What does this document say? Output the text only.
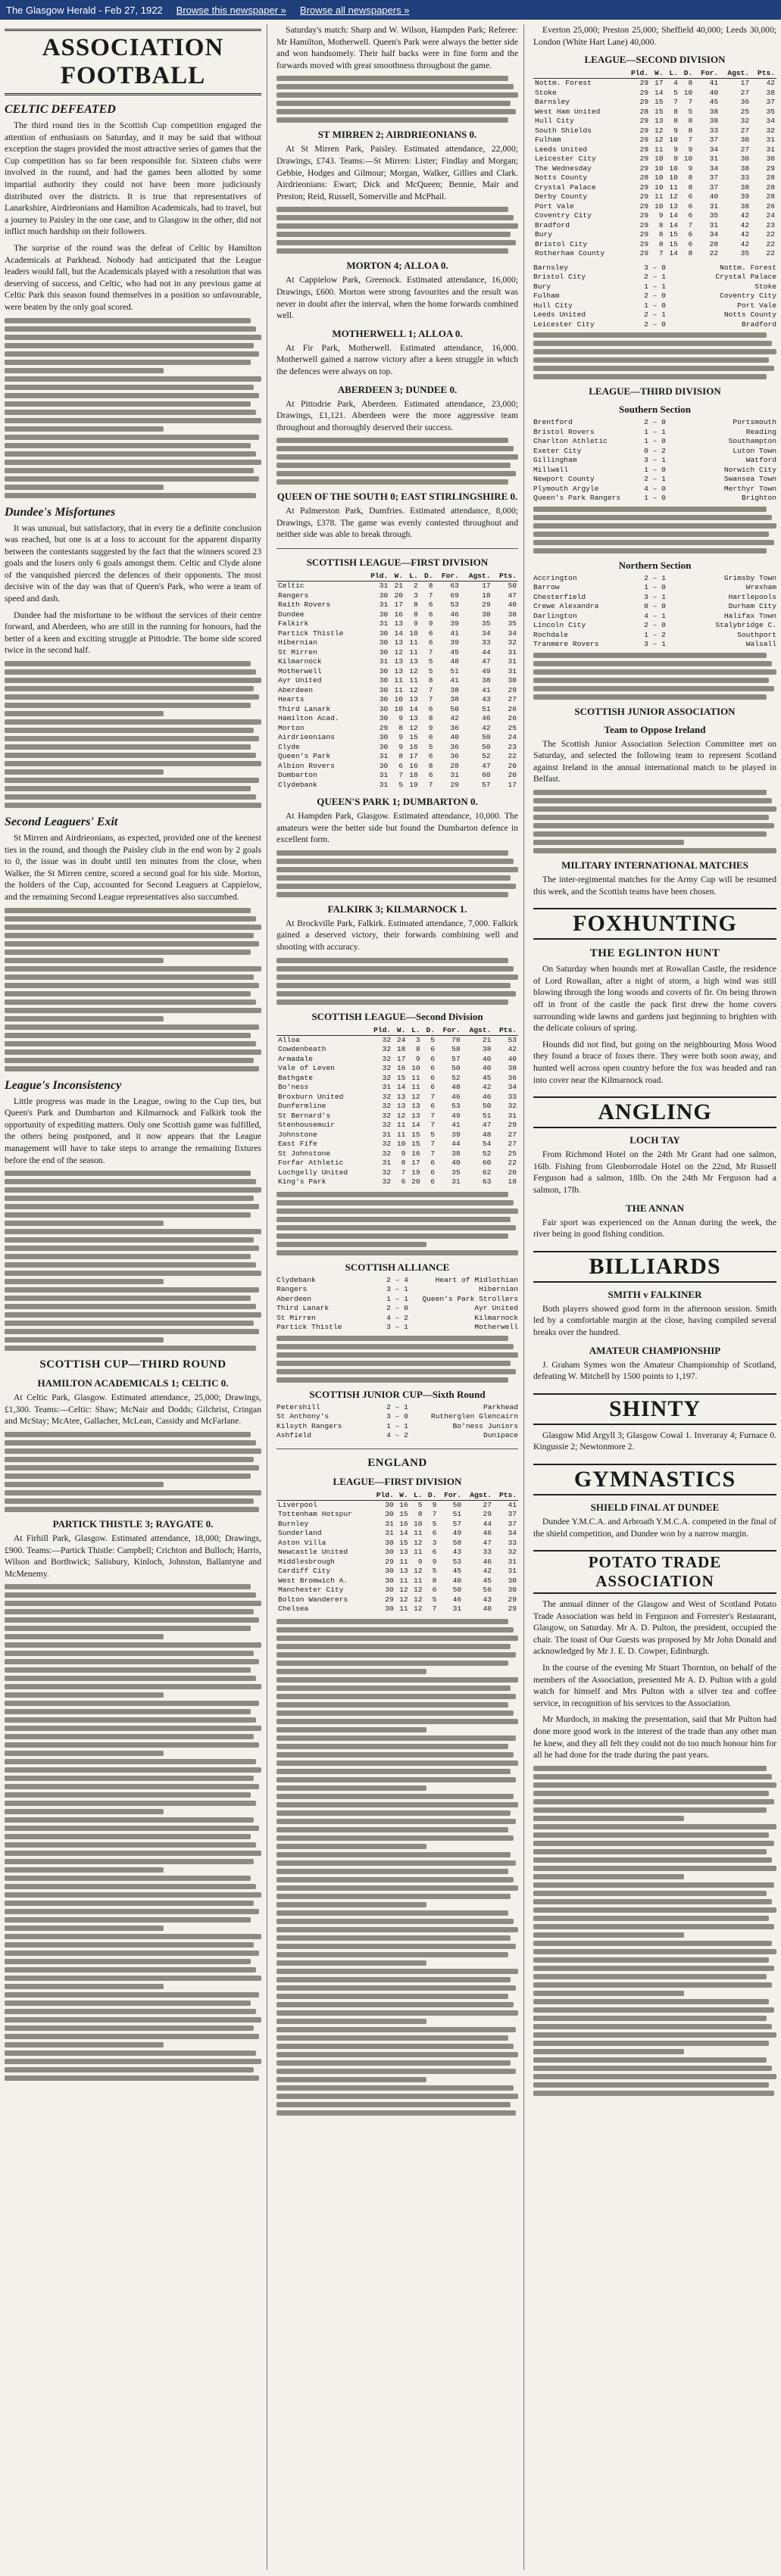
The Glasgow Herald - Feb 27, 1922 Browse this newspaper » Browse all newspapers »
ASSOCIATION FOOTBALL
CELTIC DEFEATED

The third round ties in the Scottish Cup competition engaged the attention of enthusiasts on Saturday, and it may be said that without exception the stages provided the most attractive series of games that the Cup competition has so far been responsible for. Sixteen clubs were involved in the round, and had the games been allotted by some impartial authority they could not have been more judiciously distributed over the districts. It is true that representatives of Lanarkshire, Airdrieonians and Hamilton Academicals, had to travel, but a journey to Paisley in the one case, and to Glasgow in the other, did not inflict much hardship on their followers.

The surprise of the round was the defeat of Celtic by Hamilton Academicals at Parkhead. Nobody had anticipated that the League leaders would fall, but the Academicals played with a resolution that was deserving of success, and Celtic, who had not in any previous game at Celtic Park this season found themselves in a position so unfavourable, were beaten by the only goal scored.

Dundee's Misfortunes

It was unusual, but satisfactory, that in every tie a definite conclusion was reached, but one is at a loss to account for the apparent disparity between the contestants suggested by the fact that the winners scored 23 goals and the losers only 6 goals amongst them. Celtic and Clyde alone of the vanquished pierced the defences of their opponents. The most decisive win of the day was that of Queen's Park, who were a team of speed and dash.

Dundee had the misfortune to be without the services of their centre forward, and Aberdeen, who are still in the running for honours, had the better of a keen and exciting struggle at Pittodrie. The home side scored twice in the second half.

Second Leaguers' Exit

St Mirren and Airdrieonians, as expected, provided one of the keenest ties in the round, and though the Paisley club in the end won by 2 goals to 0, the issue was in doubt until ten minutes from the close, when Walker, the St Mirren centre, scored a second goal for his side. Morton, the holders of the Cup, accounted for Second Leaguers at Cappielow, and the remaining Second League representatives also succumbed.

League's Inconsistency

Little progress was made in the League, owing to the Cup ties, but Queen's Park and Dumbarton and Kilmarnock and Falkirk took the opportunity of expediting matters. Only one Scottish game was fulfilled, the others being postponed, and it now appears that the League management will have to take steps to arrange the remaining fixtures before the end of the season.

SCOTTISH CUP—THIRD ROUND
HAMILTON ACADEMICALS 1; CELTIC 0.

At Celtic Park, Glasgow. Estimated attendance, 25,000; Drawings, £1,300. Teams:—Celtic: Shaw; McNair and Dodds; Gilchrist, Cringan and McStay; McAtee, Gallacher, McLean, Cassidy and McFarlane.

PARTICK THISTLE 3; RAYGATE 0.

At Firhill Park, Glasgow. Estimated attendance, 18,000; Drawings, £900. Teams:—Partick Thistle: Campbell; Crichton and Bulloch; Harris, Wilson and Borthwick; Salisbury, Kinloch, Johnston, Ballantyne and McMenemy.

Saturday's match: Sharp and W. Wilson, Hampden Park; Referee: Mr Hamilton, Motherwell. Queen's Park were always the better side and won handsomely. Their half backs were in fine form and the forwards moved with great smoothness throughout the game.

ST MIRREN 2; AIRDRIEONIANS 0.

At St Mirren Park, Paisley. Estimated attendance, 22,000; Drawings, £743. Teams:—St Mirren: Lister; Findlay and Morgan; Gebbie, Hodges and Gilmour; Morgan, Walker, Gillies and Clark. Airdrieonians: Ewart; Dick and McQueen; Bennie, Mair and Preston; Reid, Russell, Somerville and McPhail.

MORTON 4; ALLOA 0.

At Cappielow Park, Greenock. Estimated attendance, 16,000; Drawings, £600. Morton were strong favourites and the result was never in doubt after the interval, when the home forwards combined well.

MOTHERWELL 1; ALLOA 0.

At Fir Park, Motherwell. Estimated attendance, 16,000. Motherwell gained a narrow victory after a keen struggle in which the defences were always on top.

ABERDEEN 3; DUNDEE 0.

At Pittodrie Park, Aberdeen. Estimated attendance, 23,000; Drawings, £1,121. Aberdeen were the more aggressive team throughout and thoroughly deserved their success.

QUEEN OF THE SOUTH 0; EAST STIRLINGSHIRE 0.

At Palmerston Park, Dumfries. Estimated attendance, 8,000; Drawings, £378. The game was evenly contested throughout and neither side was able to break through.

SCOTTISH LEAGUE—FIRST DIVISION
	Pld.	W.	L.	D.	For.	Agst.	Pts.
Celtic	31	21	2	8	63	17	50
Rangers	30	20	3	7	69	18	47
Raith Rovers	31	17	8	6	53	29	40
Dundee	30	16	8	6	46	30	38
Falkirk	31	13	9	9	39	35	35
Partick Thistle	30	14	10	6	41	34	34
Hibernian	30	13	11	6	39	33	32
St Mirren	30	12	11	7	45	44	31
Kilmarnock	31	13	13	5	48	47	31
Motherwell	30	13	12	5	51	49	31
Ayr United	30	11	11	8	41	38	30
Aberdeen	30	11	12	7	38	41	29
Hearts	30	10	13	7	38	43	27
Third Lanark	30	10	14	6	50	51	26
Hamilton Acad.	30	9	13	8	42	46	26
Morton	29	8	12	9	36	42	25
Airdrieonians	30	9	15	6	40	50	24
Clyde	30	9	16	5	36	50	23
Queen's Park	31	8	17	6	36	52	22
Albion Rovers	30	6	16	8	28	47	20
Dumbarton	31	7	18	6	31	60	20
Clydebank	31	5	19	7	29	57	17
QUEEN'S PARK 1; DUMBARTON 0.

At Hampden Park, Glasgow. Estimated attendance, 10,000. The amateurs were the better side but found the Dumbarton defence in excellent form.

FALKIRK 3; KILMARNOCK 1.

At Brockville Park, Falkirk. Estimated attendance, 7,000. Falkirk gained a deserved victory, their forwards combining well and shooting with accuracy.

SCOTTISH LEAGUE—Second Division
	Pld.	W.	L.	D.	For.	Agst.	Pts.
Alloa	32	24	3	5	70	21	53
Cowdenbeath	32	18	8	6	58	38	42
Armadale	32	17	9	6	57	40	40
Vale of Leven	32	16	10	6	50	40	38
Bathgate	32	15	11	6	52	45	36
Bo'ness	31	14	11	6	48	42	34
Broxburn United	32	13	12	7	46	46	33
Dunfermline	32	13	13	6	53	50	32
St Bernard's	32	12	13	7	49	51	31
Stenhousemuir	32	11	14	7	41	47	29
Johnstone	31	11	15	5	39	48	27
East Fife	32	10	15	7	44	54	27
St Johnstone	32	9	16	7	38	52	25
Forfar Athletic	31	8	17	6	40	60	22
Lochgelly United	32	7	19	6	35	62	20
King's Park	32	6	20	6	31	63	18
SCOTTISH ALLIANCE
Clydebank	2 – 4	Heart of Midlothian
Rangers	3 – 1	Hibernian
Aberdeen	1 – 1	Queen's Park Strollers
Third Lanark	2 – 0	Ayr United
St Mirren	4 – 2	Kilmarnock
Partick Thistle	3 – 1	Motherwell
SCOTTISH JUNIOR CUP—Sixth Round
Petershill	2 – 1	Parkhead
St Anthony's	3 – 0	Rutherglen Glencairn
Kilsyth Rangers	1 – 1	Bo'ness Juniors
Ashfield	4 – 2	Dunipace
ENGLAND
LEAGUE—FIRST DIVISION
	Pld.	W.	L.	D.	For.	Agst.	Pts.
Liverpool	30	16	5	9	50	27	41
Tottenham Hotspur	30	15	8	7	51	29	37
Burnley	31	16	10	5	57	44	37
Sunderland	31	14	11	6	49	46	34
Aston Villa	30	15	12	3	58	47	33
Newcastle United	30	13	11	6	43	33	32
Middlesbrough	29	11	9	9	53	46	31
Cardiff City	30	13	12	5	45	42	31
West Bromwich A.	30	11	11	8	40	45	30
Manchester City	30	12	12	6	50	56	30
Bolton Wanderers	29	12	12	5	46	43	29
Chelsea	30	11	12	7	31	40	29

Everton 25,000; Preston 25,000; Sheffield 40,000; Leeds 30,000; London (White Hart Lane) 40,000.

LEAGUE—SECOND DIVISION
	Pld.	W.	L.	D.	For.	Agst.	Pts.
Nottm. Forest	29	17	4	8	41	17	42
Stoke	29	14	5	10	40	27	38
Barnsley	29	15	7	7	45	36	37
West Ham United	28	15	8	5	38	25	35
Hull City	29	13	8	8	38	32	34
South Shields	29	12	9	8	33	27	32
Fulham	29	12	10	7	37	30	31
Leeds United	29	11	9	9	34	27	31
Leicester City	29	10	9	10	31	30	30
The Wednesday	29	10	10	9	34	38	29
Notts County	28	10	10	8	37	33	28
Crystal Palace	29	10	11	8	37	38	28
Derby County	29	11	12	6	40	39	28
Port Vale	29	10	13	6	31	38	26
Coventry City	29	9	14	6	35	42	24
Bradford	29	8	14	7	31	42	23
Bury	29	8	15	6	34	42	22
Bristol City	29	8	15	6	28	42	22
Rotherham County	29	7	14	8	22	35	22
Barnsley	3 – 0	Nottm. Forest
Bristol City	2 – 1	Crystal Palace
Bury	1 – 1	Stoke
Fulham	2 – 0	Coventry City
Hull City	1 – 0	Port Vale
Leeds United	2 – 1	Notts County
Leicester City	2 – 0	Bradford
LEAGUE—THIRD DIVISION
Southern Section
Brentford	2 – 0	Portsmouth
Bristol Rovers	1 – 1	Reading
Charlton Athletic	1 – 0	Southampton
Exeter City	0 – 2	Luton Town
Gillingham	3 – 1	Watford
Millwall	1 – 0	Norwich City
Newport County	2 – 1	Swansea Town
Plymouth Argyle	4 – 0	Merthyr Town
Queen's Park Rangers	1 – 0	Brighton
Northern Section
Accrington	2 – 1	Grimsby Town
Barrow	1 – 0	Wrexham
Chesterfield	3 – 1	Hartlepools
Crewe Alexandra	0 – 0	Durham City
Darlington	4 – 1	Halifax Town
Lincoln City	2 – 0	Stalybridge C.
Rochdale	1 – 2	Southport
Tranmere Rovers	3 – 1	Walsall
SCOTTISH JUNIOR ASSOCIATION
Team to Oppose Ireland

The Scottish Junior Association Selection Committee met on Saturday, and selected the following team to represent Scotland against Ireland in the annual international match to be played in Belfast.

MILITARY INTERNATIONAL MATCHES

The inter-regimental matches for the Army Cup will be resumed this week, and the Scottish teams have been chosen.

FOXHUNTING
THE EGLINTON HUNT

On Saturday when hounds met at Rowallan Castle, the residence of Lord Rowallan, after a night of storm, a high wind was still blowing through the long woods and coverts of fir. On being thrown off in front of the castle the pack first drew the home covers surrounding wide lawns and gardens just beginning to brighten with the delicate colours of spring.

Hounds did not find, but going on the neighbouring Moss Wood they found a brace of foxes there. They were both soon away, and hunted well across open country before the fox was headed and ran into cover near the Kilmarnock road.

ANGLING
LOCH TAY

From Richmond Hotel on the 24th Mr Grant had one salmon, 16lb. Fishing from Glenborrodale Hotel on the 22nd, Mr Russell Ferguson had a salmon, 18lb. On the 24th Mr Ferguson had a salmon, 17lb.

THE ANNAN

Fair sport was experienced on the Annan during the week, the river being in good fishing condition.

BILLIARDS
SMITH v FALKINER

Both players showed good form in the afternoon session. Smith led by a comfortable margin at the close, having compiled several breaks over the hundred.

AMATEUR CHAMPIONSHIP

J. Graham Symes won the Amateur Championship of Scotland, defeating W. Mitchell by 1500 points to 1,197.

SHINTY

Glasgow Mid Argyll 3; Glasgow Cowal 1. Inveraray 4; Furnace 0. Kingussie 2; Newtonmore 2.

GYMNASTICS
SHIELD FINAL AT DUNDEE

Dundee Y.M.C.A. and Arbroath Y.M.C.A. competed in the final of the shield competition, and Dundee won by a narrow margin.

POTATO TRADE ASSOCIATION

The annual dinner of the Glasgow and West of Scotland Potato Trade Association was held in Ferguson and Forrester's Restaurant, Glasgow, on Saturday. Mr A. D. Pulton, the president, occupied the chair. The toast of Our Guests was proposed by Mr John Donald and acknowledged by Mr J. E. D. Cowper, Edinburgh.

In the course of the evening Mr Stuart Thornton, on behalf of the members of the Association, presented Mr A. D. Pulton with a gold watch for himself and Mrs Pulton with a silver tea and coffee service, in recognition of his services to the Association.

Mr Murdoch, in making the presentation, said that Mr Pulton had done more good work in the interest of the trade than any other man he knew, and they all felt they could not do too much honour him for all he had done for the trade during the past years.
